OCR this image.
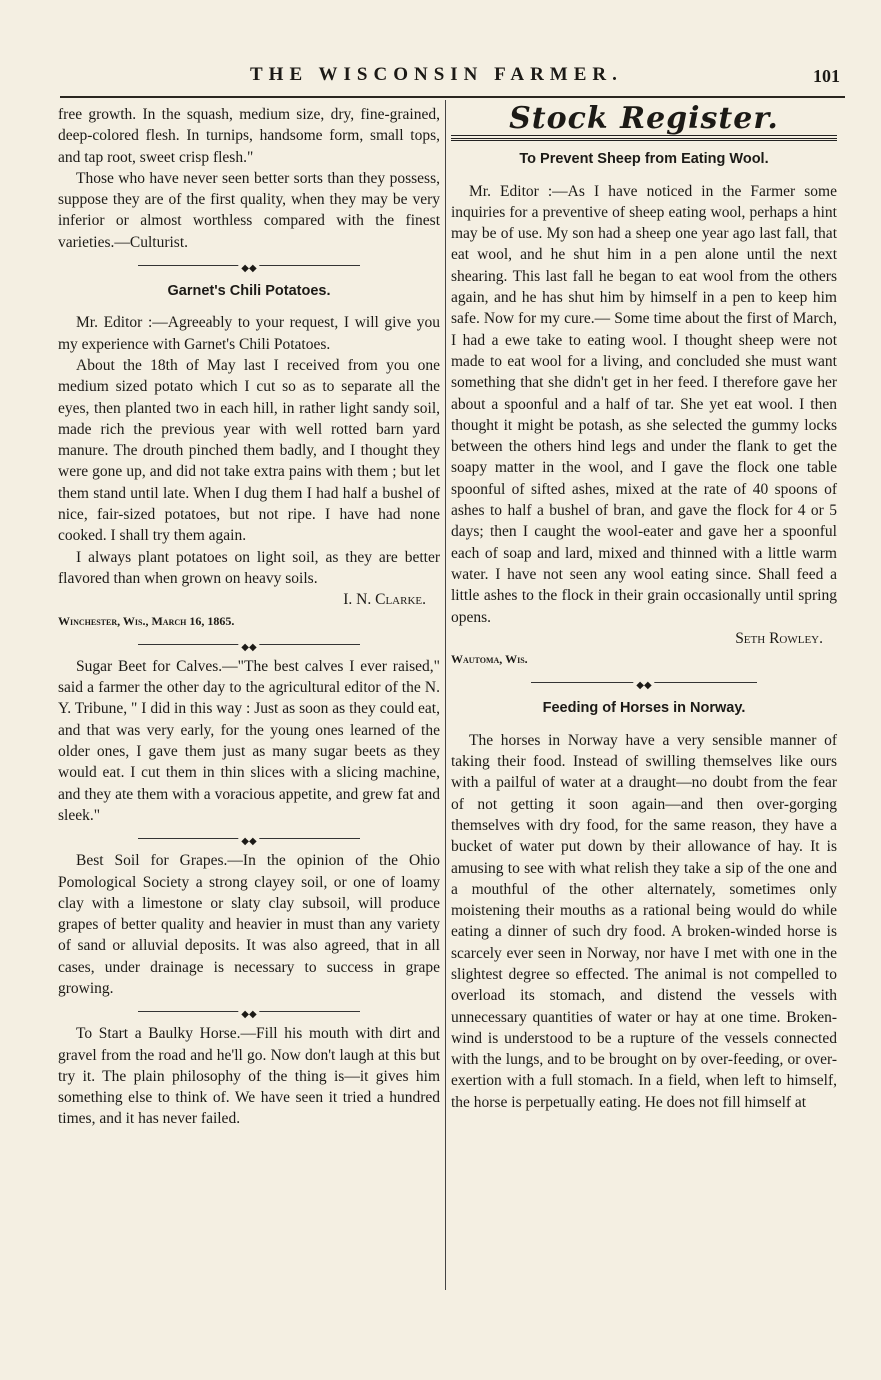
THE WISCONSIN FARMER.	101

free growth. In the squash, medium size, dry, fine-grained, deep-colored flesh. In turnips, handsome form, small tops, and tap root, sweet crisp flesh."

Those who have never seen better sorts than they possess, suppose they are of the first quality, when they may be very inferior or almost worthless compared with the finest varieties.—Culturist.

◆◆
Garnet's Chili Potatoes.

Mr. Editor :—Agreeably to your request, I will give you my experience with Garnet's Chili Potatoes.

About the 18th of May last I received from you one medium sized potato which I cut so as to separate all the eyes, then planted two in each hill, in rather light sandy soil, made rich the previous year with well rotted barn yard manure. The drouth pinched them badly, and I thought they were gone up, and did not take extra pains with them ; but let them stand until late. When I dug them I had half a bushel of nice, fair-sized potatoes, but not ripe. I have had none cooked. I shall try them again.

I always plant potatoes on light soil, as they are better flavored than when grown on heavy soils.

I. N. Clarke.

Winchester, Wis., March 16, 1865.

◆◆

Sugar Beet for Calves.—"The best calves I ever raised," said a farmer the other day to the agricultural editor of the N. Y. Tribune, " I did in this way : Just as soon as they could eat, and that was very early, for the young ones learned of the older ones, I gave them just as many sugar beets as they would eat. I cut them in thin slices with a slicing machine, and they ate them with a voracious appetite, and grew fat and sleek."

◆◆

Best Soil for Grapes.—In the opinion of the Ohio Pomological Society a strong clayey soil, or one of loamy clay with a limestone or slaty clay subsoil, will produce grapes of better quality and heavier in must than any variety of sand or alluvial deposits. It was also agreed, that in all cases, under drainage is necessary to success in grape growing.

◆◆

To Start a Baulky Horse.—Fill his mouth with dirt and gravel from the road and he'll go. Now don't laugh at this but try it. The plain philosophy of the thing is—it gives him something else to think of. We have seen it tried a hundred times, and it has never failed.

Stock Register.
To Prevent Sheep from Eating Wool.

Mr. Editor :—As I have noticed in the Farmer some inquiries for a preventive of sheep eating wool, perhaps a hint may be of use. My son had a sheep one year ago last fall, that eat wool, and he shut him in a pen alone until the next shearing. This last fall he began to eat wool from the others again, and he has shut him by himself in a pen to keep him safe. Now for my cure.— Some time about the first of March, I had a ewe take to eating wool. I thought sheep were not made to eat wool for a living, and concluded she must want something that she didn't get in her feed. I therefore gave her about a spoonful and a half of tar. She yet eat wool. I then thought it might be potash, as she selected the gummy locks between the others hind legs and under the flank to get the soapy matter in the wool, and I gave the flock one table spoonful of sifted ashes, mixed at the rate of 40 spoons of ashes to half a bushel of bran, and gave the flock for 4 or 5 days; then I caught the wool-eater and gave her a spoonful each of soap and lard, mixed and thinned with a little warm water. I have not seen any wool eating since. Shall feed a little ashes to the flock in their grain occasionally until spring opens.

Seth Rowley.

Wautoma, Wis.

◆◆
Feeding of Horses in Norway.

The horses in Norway have a very sensible manner of taking their food. Instead of swilling themselves like ours with a pailful of water at a draught—no doubt from the fear of not getting it soon again—and then over-gorging themselves with dry food, for the same reason, they have a bucket of water put down by their allowance of hay. It is amusing to see with what relish they take a sip of the one and a mouthful of the other alternately, sometimes only moistening their mouths as a rational being would do while eating a dinner of such dry food. A broken-winded horse is scarcely ever seen in Norway, nor have I met with one in the slightest degree so effected. The animal is not compelled to overload its stomach, and distend the vessels with unnecessary quantities of water or hay at one time. Broken-wind is understood to be a rupture of the vessels connected with the lungs, and to be brought on by over-feeding, or over-exertion with a full stomach. In a field, when left to himself, the horse is perpetually eating. He does not fill himself at
